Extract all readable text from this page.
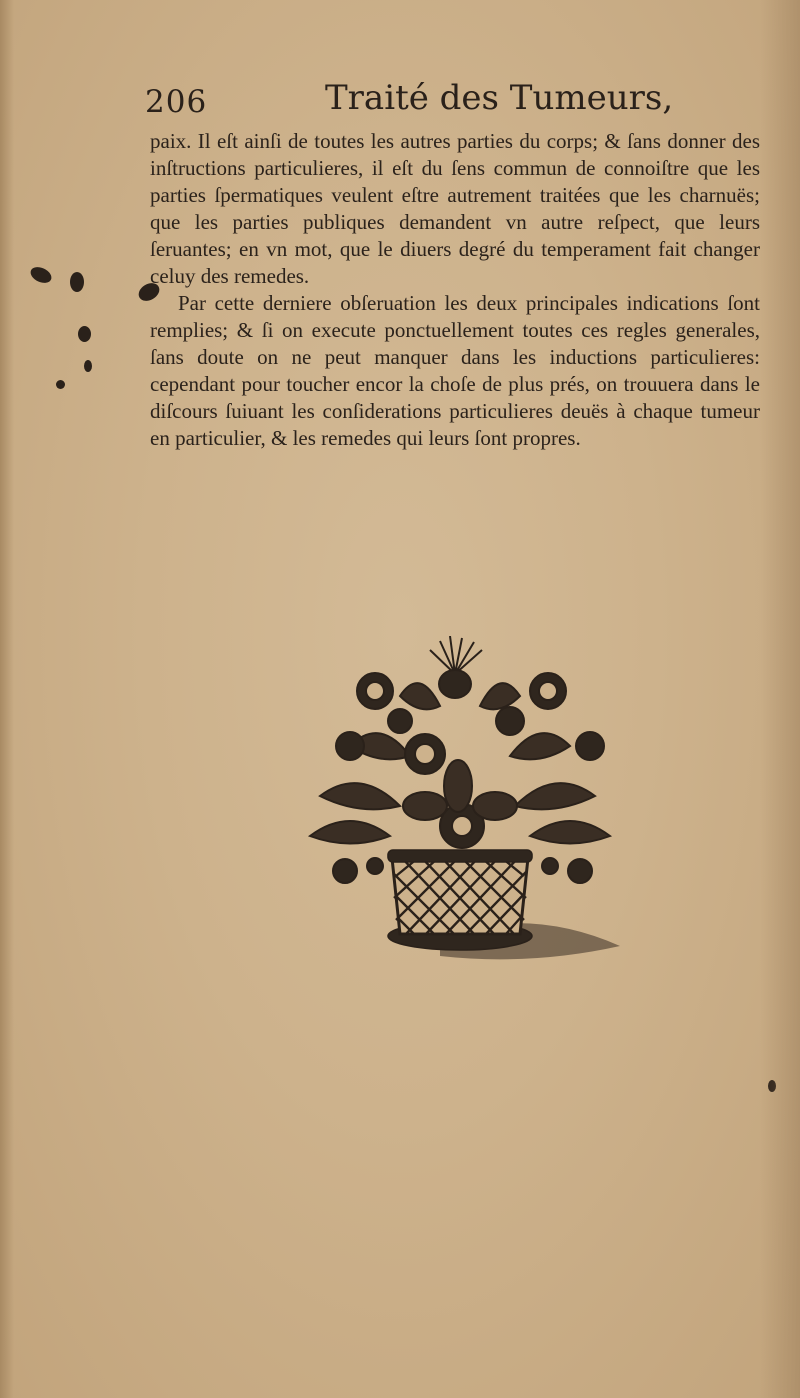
206	Traité des Tumeurs,

paix. Il eſt ainſi de toutes les autres parties du corps; & ſans donner des inſtructions particulieres, il eſt du ſens commun de connoiſtre que les parties ſpermatiques veulent eſtre autrement traitées que les charnuës; que les parties publiques demandent vn autre reſpect, que leurs ſeruantes; en vn mot, que le diuers degré du temperament fait changer celuy des remedes.

Par cette derniere obſeruation les deux principales indications ſont remplies; & ſi on execute ponctuellement toutes ces regles generales, ſans doute on ne peut manquer dans les inductions particulieres: cependant pour toucher encor la choſe de plus prés, on trouuera dans le diſcours ſuiuant les conſiderations particulieres deuës à chaque tumeur en particulier, & les remedes qui leurs ſont propres.
